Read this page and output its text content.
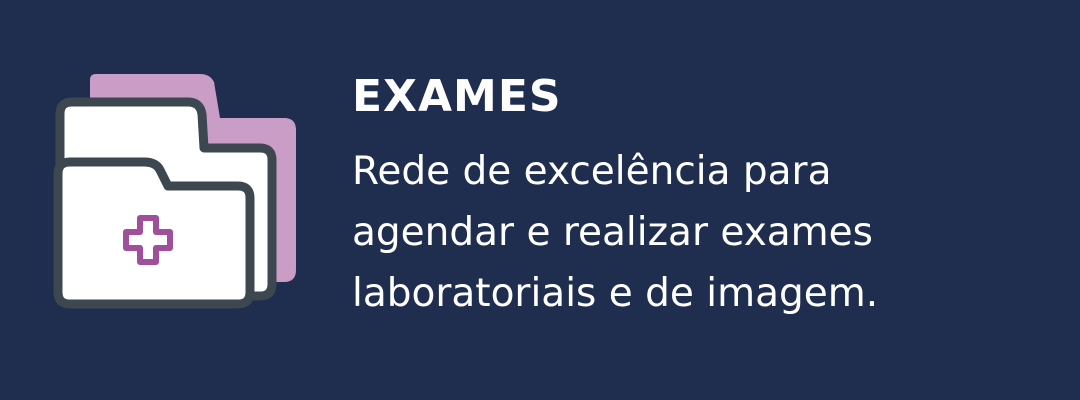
EXAMES

Rede de excelência para
agendar e realizar exames
laboratoriais e de imagem.
